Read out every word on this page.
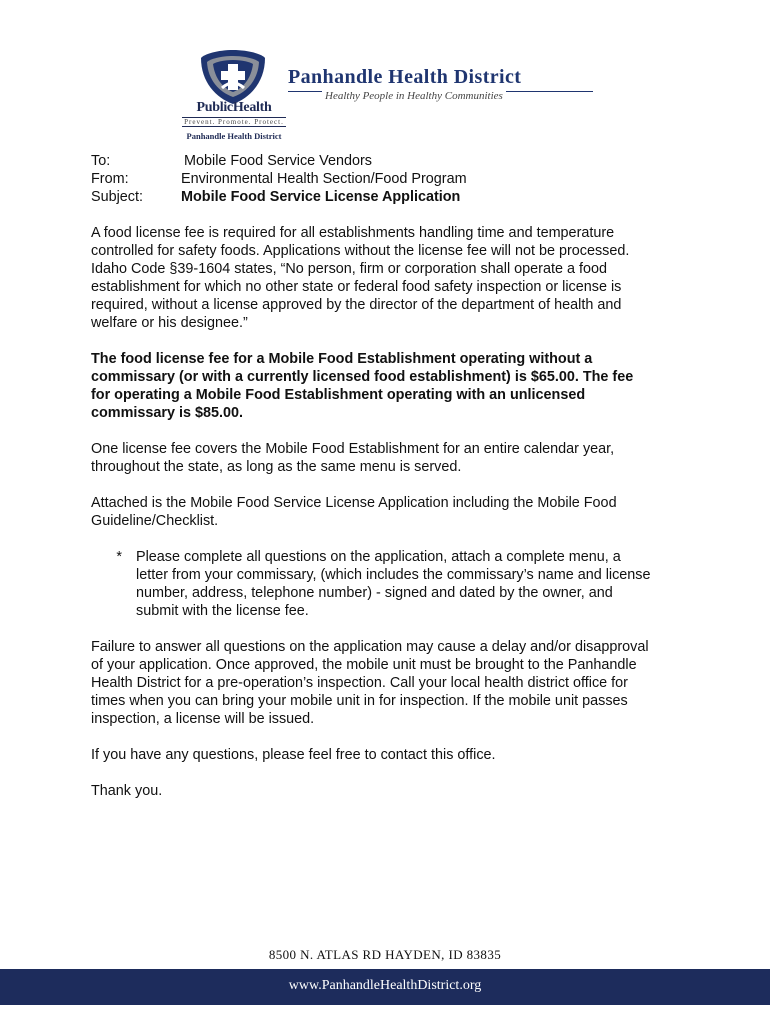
PublicHealth
Prevent. Promote. Protect.
Panhandle Health District
Panhandle Health District
Healthy People in Healthy Communities
To:	Mobile Food Service Vendors
From:	Environmental Health Section/Food Program
Subject:	Mobile Food Service License Application
A food license fee is required for all establishments handling time and temperature
controlled for safety foods. Applications without the license fee will not be processed.
Idaho Code §39-1604 states, “No person, firm or corporation shall operate a food
establishment for which no other state or federal food safety inspection or license is
required, without a license approved by the director of the department of health and
welfare or his designee.”
The food license fee for a Mobile Food Establishment operating without a
commissary (or with a currently licensed food establishment) is $65.00. The fee
for operating a Mobile Food Establishment operating with an unlicensed
commissary is $85.00.
One license fee covers the Mobile Food Establishment for an entire calendar year,
throughout the state, as long as the same menu is served.
Attached is the Mobile Food Service License Application including the Mobile Food
Guideline/Checklist.
* Please complete all questions on the application, attach a complete menu, a
letter from your commissary, (which includes the commissary’s name and license
number, address, telephone number) - signed and dated by the owner, and
submit with the license fee.
Failure to answer all questions on the application may cause a delay and/or disapproval
of your application. Once approved, the mobile unit must be brought to the Panhandle
Health District for a pre-operation’s inspection. Call your local health district office for
times when you can bring your mobile unit in for inspection. If the mobile unit passes
inspection, a license will be issued.
If you have any questions, please feel free to contact this office.
Thank you.
8500 N. ATLAS RD HAYDEN, ID 83835
www.PanhandleHealthDistrict.org
